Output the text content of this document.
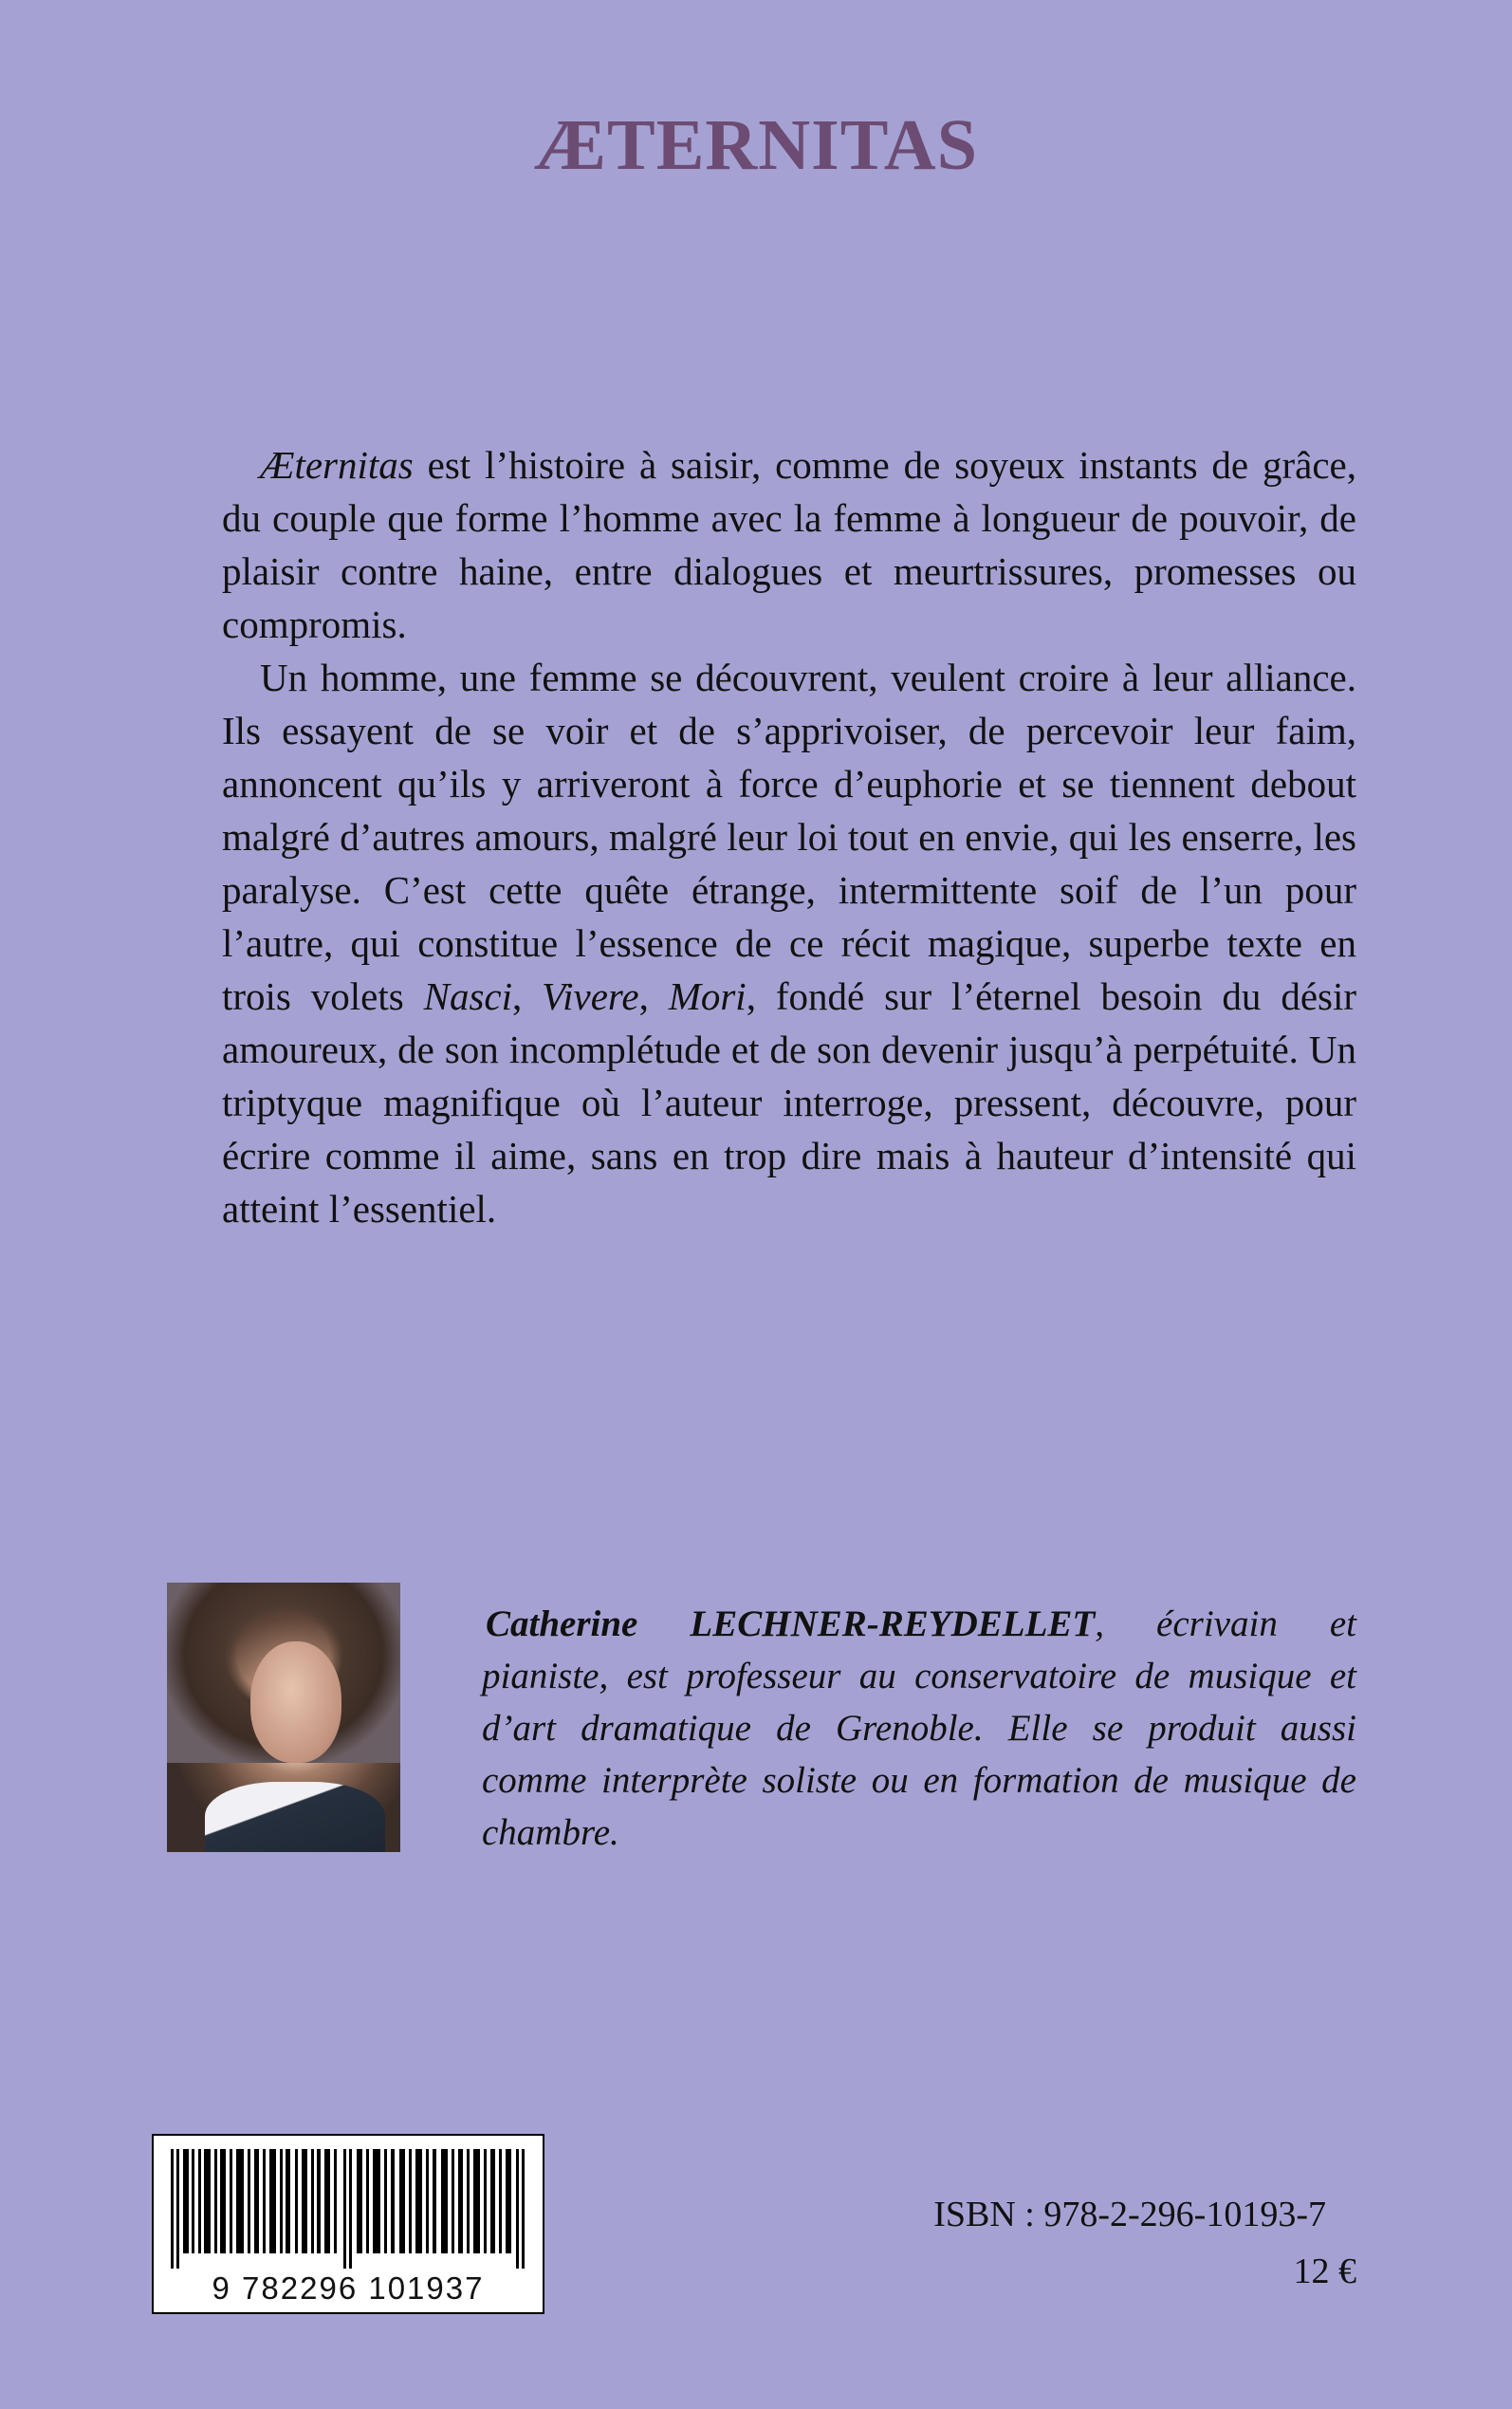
ÆTERNITAS

Æternitas est l’histoire à saisir, comme de soyeux instants de grâce, du couple que forme l’homme avec la femme à longueur de pouvoir, de plaisir contre haine, entre dialogues et meurtrissures, promesses ou compromis.

Un homme, une femme se découvrent, veulent croire à leur alliance. Ils essayent de se voir et de s’apprivoiser, de percevoir leur faim, annoncent qu’ils y arriveront à force d’euphorie et se tiennent debout malgré d’autres amours, malgré leur loi tout en envie, qui les enserre, les paralyse. C’est cette quête étrange, intermittente soif de l’un pour l’autre, qui constitue l’essence de ce récit magique, superbe texte en trois volets Nasci, Vivere, Mori, fondé sur l’éternel besoin du désir amoureux, de son incomplétude et de son devenir jusqu’à perpétuité. Un triptyque magnifique où l’auteur interroge, pressent, découvre, pour écrire comme il aime, sans en trop dire mais à hauteur d’intensité qui atteint l’essentiel.

Catherine LECHNER-REYDELLET, écrivain et pianiste, est professeur au conservatoire de musique et d’art dramatique de Grenoble. Elle se produit aussi comme interprète soliste ou en formation de musique de chambre.

9 782296 101937
ISBN : 978-2-296-10193-7
12 €
